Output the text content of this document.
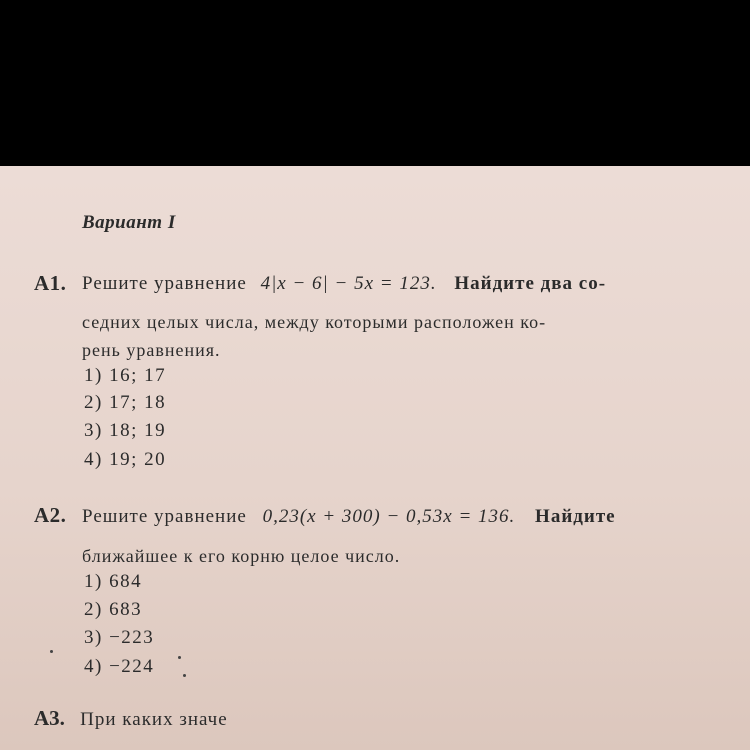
Вариант I
А1. Решите уравнение 4|x − 6| − 5x = 123. Найдите два со-
седних целых числа, между которыми расположен ко-
рень уравнения.
1) 16; 17
2) 17; 18
3) 18; 19
4) 19; 20
А2. Решите уравнение 0,23(x + 300) − 0,53x = 136. Найдите
ближайшее к его корню целое число.
1) 684
2) 683
3) −223
4) −224
А3. При каких значе
